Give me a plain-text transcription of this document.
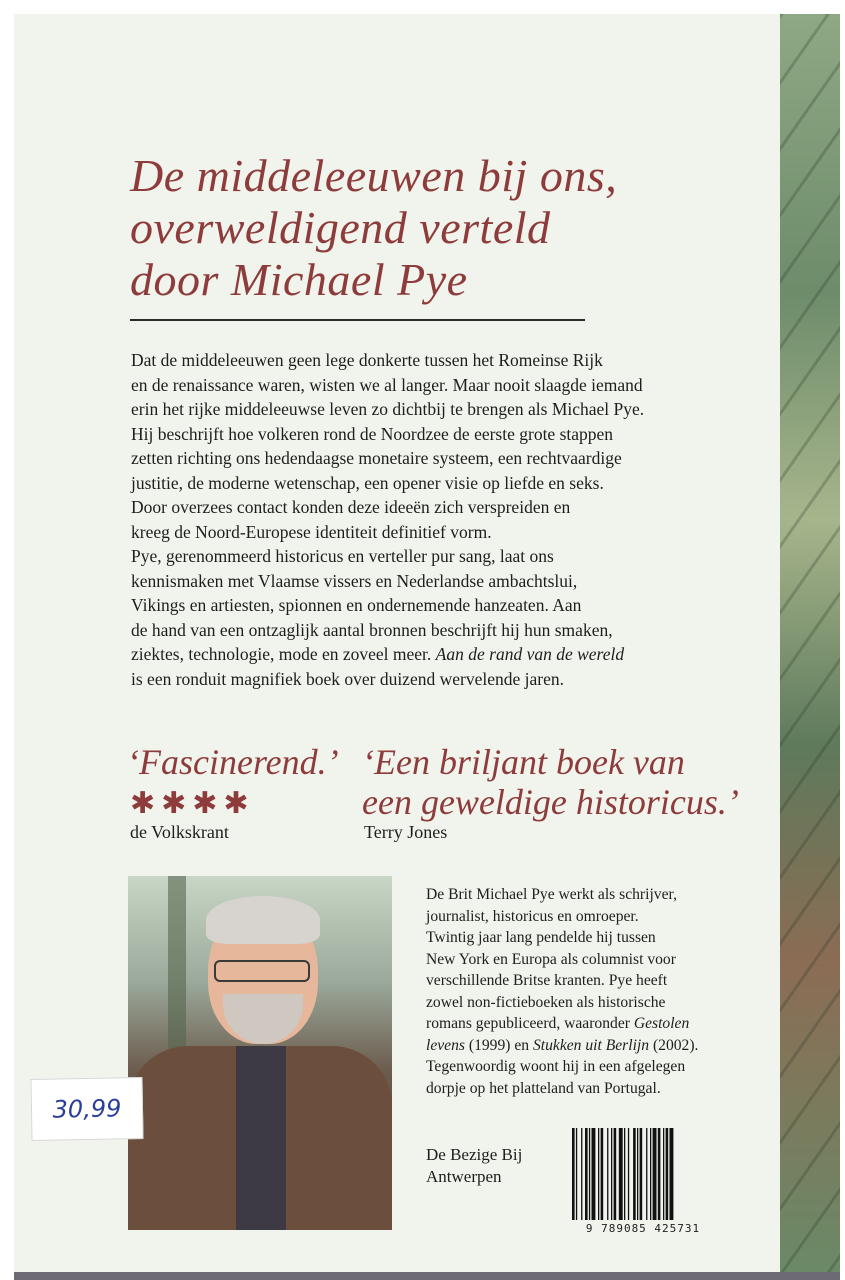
De middeleeuwen bij ons,
overweldigend verteld
door Michael Pye
Dat de middeleeuwen geen lege donkerte tussen het Romeinse Rijk
en de renaissance waren, wisten we al langer. Maar nooit slaagde iemand
erin het rijke middeleeuwse leven zo dichtbij te brengen als Michael Pye.
Hij beschrijft hoe volkeren rond de Noordzee de eerste grote stappen
zetten richting ons hedendaagse monetaire systeem, een rechtvaardige
justitie, de moderne wetenschap, een opener visie op liefde en seks.
Door overzees contact konden deze ideeën zich verspreiden en
kreeg de Noord-Europese identiteit definitief vorm.
Pye, gerenommeerd historicus en verteller pur sang, laat ons
kennismaken met Vlaamse vissers en Nederlandse ambachtslui,
Vikings en artiesten, spionnen en ondernemende hanzeaten. Aan
de hand van een ontzaglijk aantal bronnen beschrijft hij hun smaken,
ziektes, technologie, mode en zoveel meer. Aan de rand van de wereld
is een ronduit magnifiek boek over duizend wervelende jaren.

‘Fascinerend.’

✱✱✱✱
de Volkskrant

‘Een briljant boek van
een geweldige historicus.’

Terry Jones
30,99
De Brit Michael Pye werkt als schrijver,
journalist, historicus en omroeper.
Twintig jaar lang pendelde hij tussen
New York en Europa als columnist voor
verschillende Britse kranten. Pye heeft
zowel non-fictieboeken als historische
romans gepubliceerd, waaronder Gestolen
levens (1999) en Stukken uit Berlijn (2002).
Tegenwoordig woont hij in een afgelegen
dorpje op het platteland van Portugal.
De Bezige Bij
Antwerpen
9 789085 425731
